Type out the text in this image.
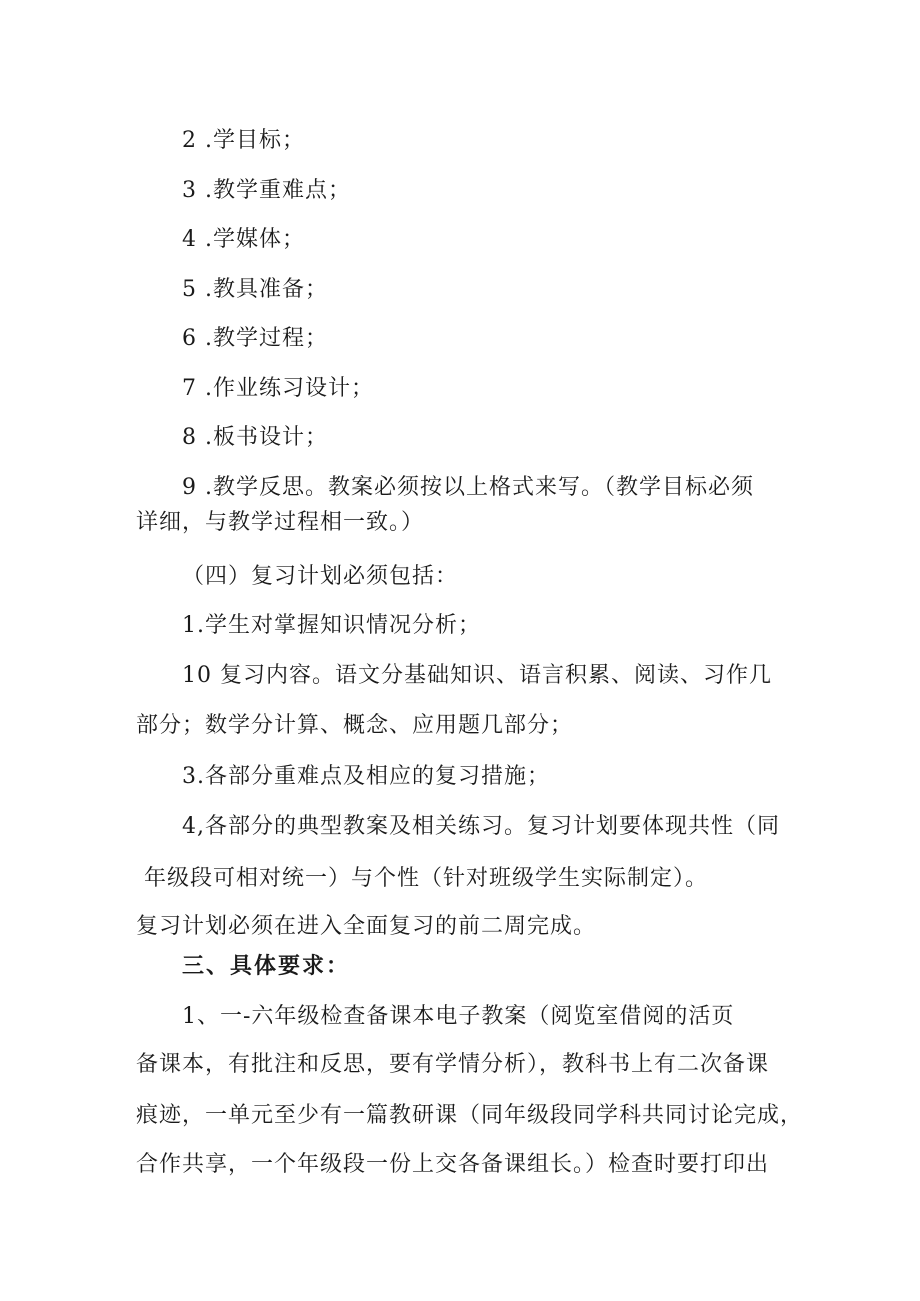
2 .学目标；
3 .教学重难点；
4 .学媒体；
5 .教具准备；
6 .教学过程；
7 .作业练习设计；
8 .板书设计；
9 .教学反思。教案必须按以上格式来写。（教学目标必须
详细，与教学过程相一致。）
（四）复习计划必须包括：
1.学生对掌握知识情况分析；
10 复习内容。语文分基础知识、语言积累、阅读、习作几
部分；数学分计算、概念、应用题几部分；
3.各部分重难点及相应的复习措施；
4,各部分的典型教案及相关练习。复习计划要体现共性（同
年级段可相对统一）与个性（针对班级学生实际制定）。
复习计划必须在进入全面复习的前二周完成。
三、具体要求：
1、一-六年级检查备课本电子教案（阅览室借阅的活页
备课本，有批注和反思，要有学情分析），教科书上有二次备课
痕迹，一单元至少有一篇教研课（同年级段同学科共同讨论完成，
合作共享，一个年级段一份上交各备课组长。）检查时要打印出
